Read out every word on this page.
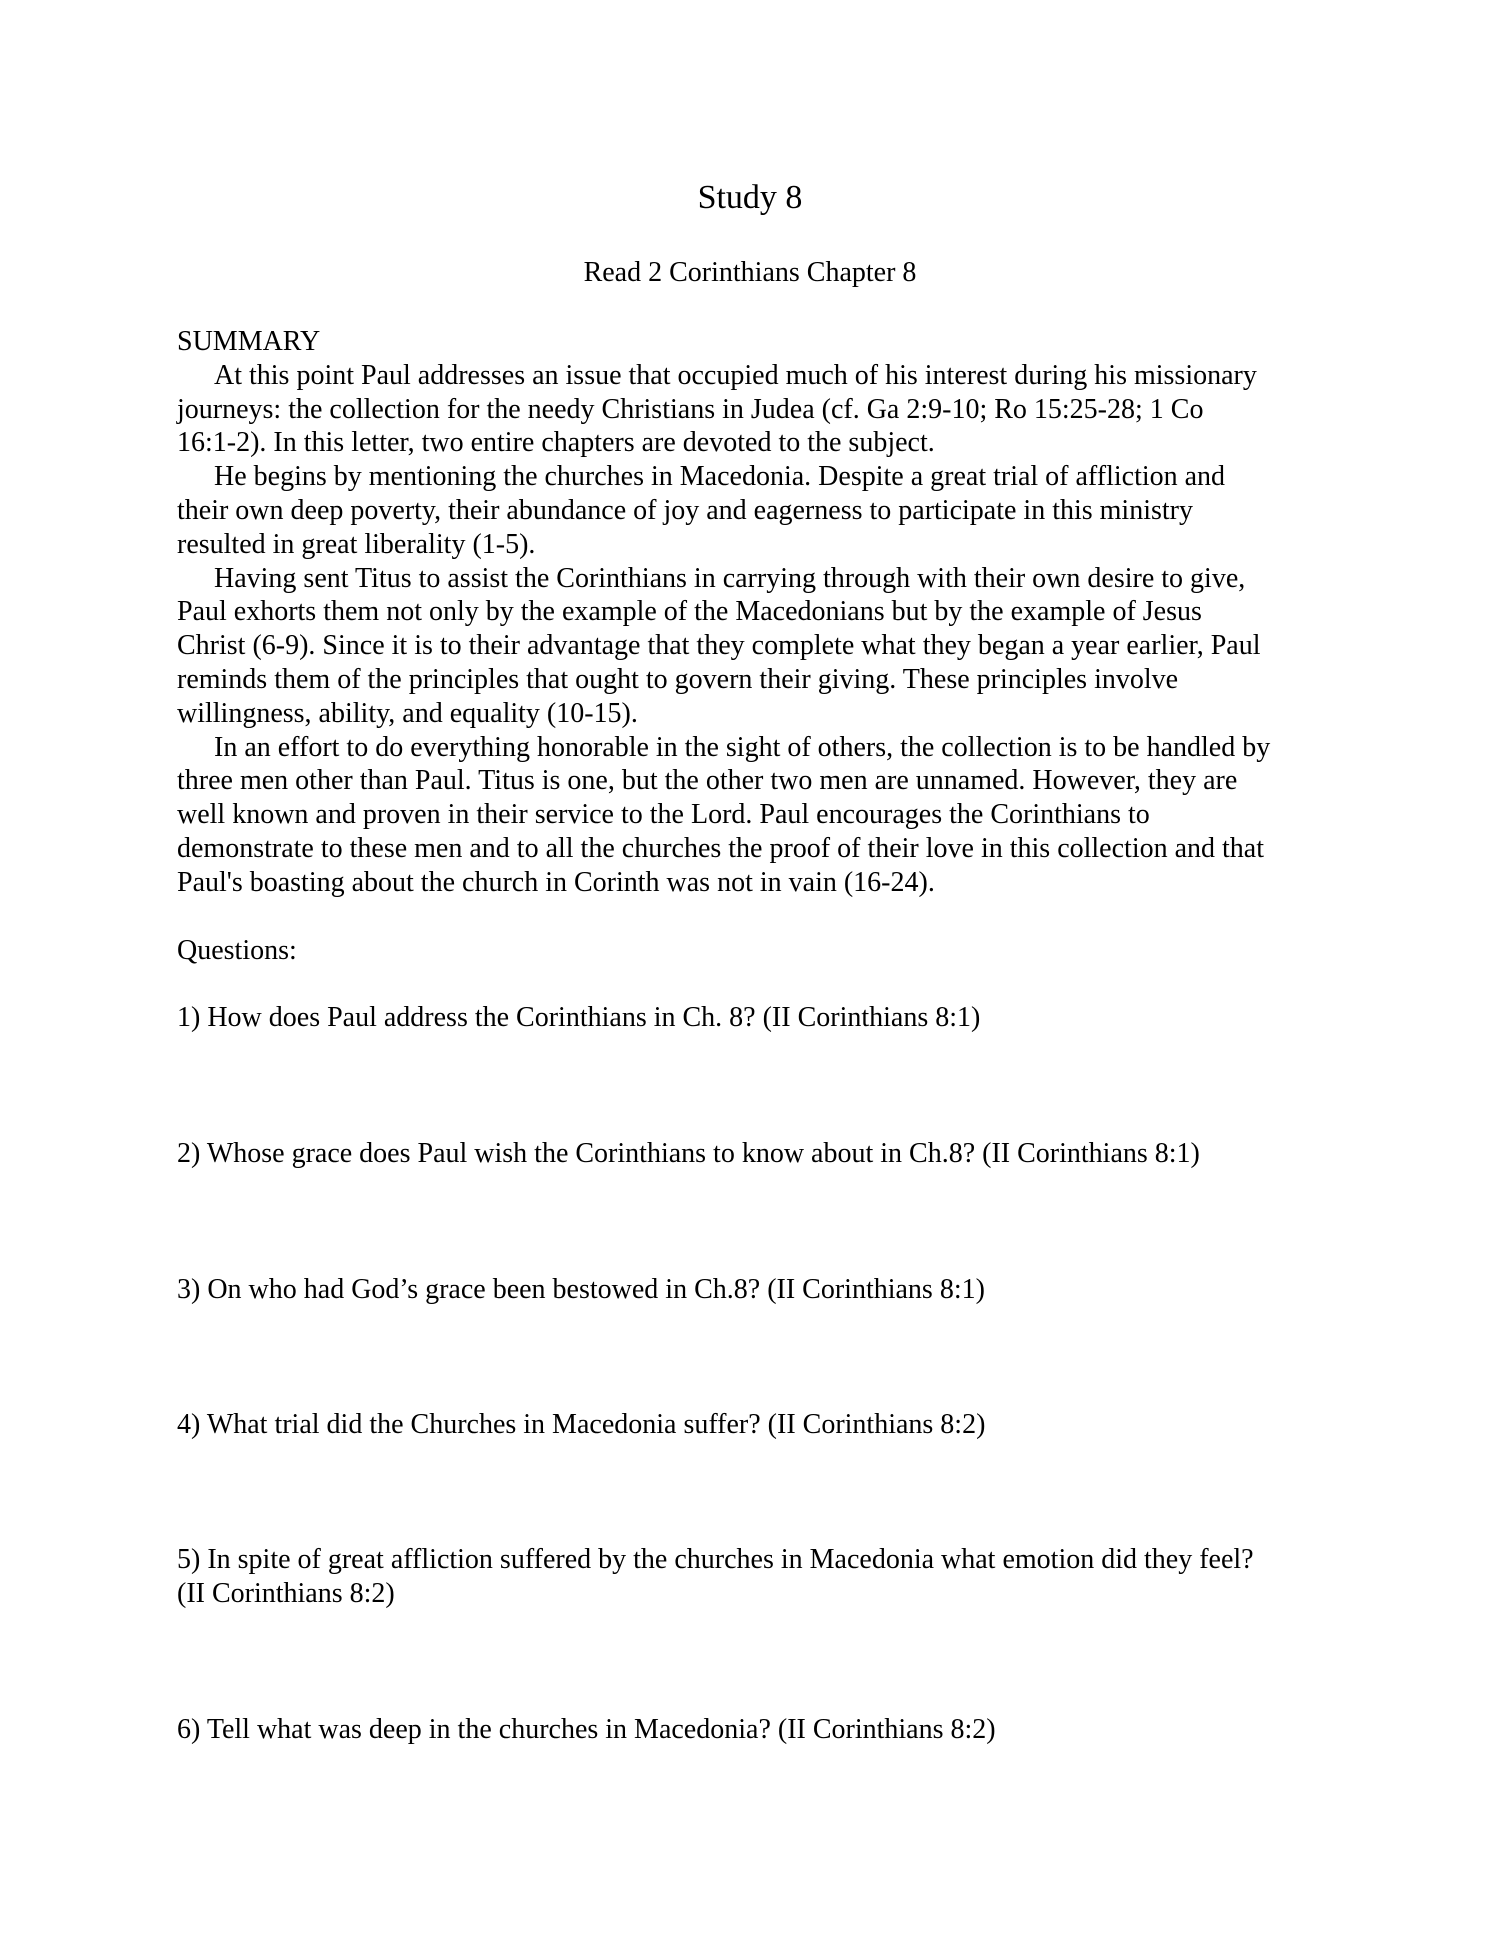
Study 8
Read 2 Corinthians Chapter 8
SUMMARY
At this point Paul addresses an issue that occupied much of his interest during his missionary
journeys: the collection for the needy Christians in Judea (cf. Ga 2:9-10; Ro 15:25-28; 1 Co
16:1-2). In this letter, two entire chapters are devoted to the subject.
He begins by mentioning the churches in Macedonia. Despite a great trial of affliction and
their own deep poverty, their abundance of joy and eagerness to participate in this ministry
resulted in great liberality (1-5).
Having sent Titus to assist the Corinthians in carrying through with their own desire to give,
Paul exhorts them not only by the example of the Macedonians but by the example of Jesus
Christ (6-9). Since it is to their advantage that they complete what they began a year earlier, Paul
reminds them of the principles that ought to govern their giving. These principles involve
willingness, ability, and equality (10-15).
In an effort to do everything honorable in the sight of others, the collection is to be handled by
three men other than Paul. Titus is one, but the other two men are unnamed. However, they are
well known and proven in their service to the Lord. Paul encourages the Corinthians to
demonstrate to these men and to all the churches the proof of their love in this collection and that
Paul's boasting about the church in Corinth was not in vain (16-24).
Questions:
1) How does Paul address the Corinthians in Ch. 8? (II Corinthians 8:1)
2) Whose grace does Paul wish the Corinthians to know about in Ch.8? (II Corinthians 8:1)
3) On who had God’s grace been bestowed in Ch.8? (II Corinthians 8:1)
4) What trial did the Churches in Macedonia suffer? (II Corinthians 8:2)
5) In spite of great affliction suffered by the churches in Macedonia what emotion did they feel?
(II Corinthians 8:2)
6) Tell what was deep in the churches in Macedonia? (II Corinthians 8:2)
